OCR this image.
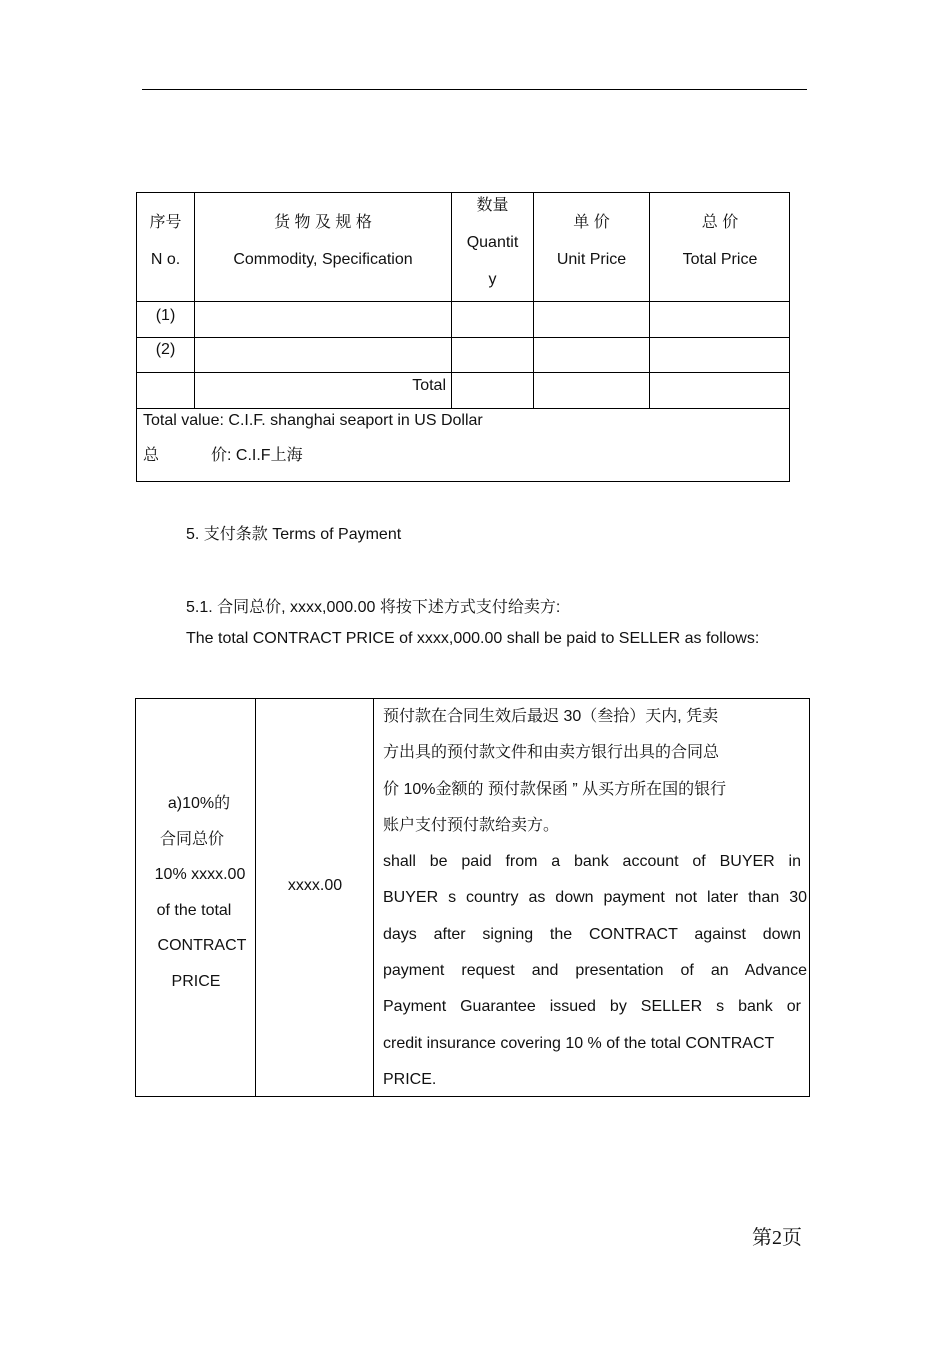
序号
N o.
货 物 及 规 格
Commodity, Specification
数量
Quantit
y
单 价
Unit Price
总 价
Total Price
(1)
(2)
Total
Total value: C.I.F. shanghai seaport in US Dollar
总	价: C.I.F上海
5. 支付条款 Terms of Payment
5.1. 合同总价, xxxx,000.00 将按下述方式支付给卖方:
The total CONTRACT PRICE of xxxx,000.00 shall be paid to SELLER as follows:
a)10%的
合同总价
10% xxxx.00
of the total
CONTRACT
PRICE
xxxx.00
预付款在合同生效后最迟 30（叁拾）天内, 凭卖
方出具的预付款文件和由卖方银行出具的合同总
价 10%金额的 预付款保函 ” 从买方所在国的银行
账户支付预付款给卖方。
shall be paid from a bank account of BUYER in
BUYER s country as down payment not later than 30
days after signing the CONTRACT against down
payment request and presentation of an Advance
Payment Guarantee issued by SELLER s bank or
credit insurance covering 10 % of the total CONTRACT
PRICE.
第2页
